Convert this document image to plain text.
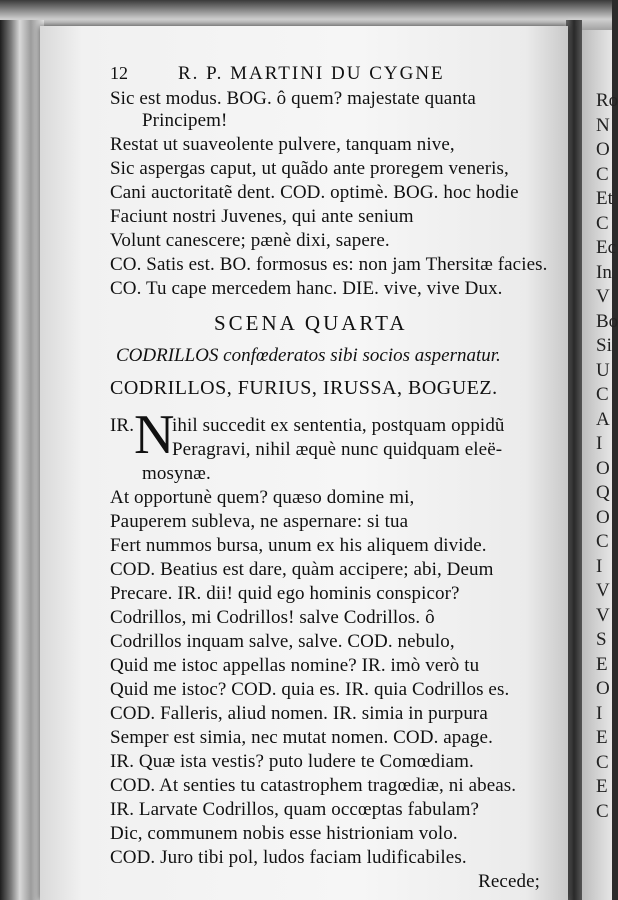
Ro
N
O
C
Et
C
Ec
In
V
Bo
Si
U
C
A
I
O
Q
O
C
I
V
V
S
E
O
I
E
C
E
C
12	R. P. MARTINI DU CYGNE
Sic est modus. BOG. ô quem? majestate quanta
Principem!
Restat ut suaveolente pulvere, tanquam nive,
Sic aspergas caput, ut quãdo ante proregem veneris,
Cani auctoritatẽ dent. COD. optimè. BOG. hoc hodie
Faciunt nostri Juvenes, qui ante senium
Volunt canescere; pænè dixi, sapere.
CO. Satis est. BO. formosus es: non jam Thersitæ facies.
CO. Tu cape mercedem hanc. DIE. vive, vive Dux.
SCENA QUARTA
CODRILLOS confœderatos sibi socios aspernatur.
CODRILLOS, FURIUS, IRUSSA, BOGUEZ.
IR. N
ihil succedit ex sententia, postquam oppidũ
Peragravi, nihil æquè nunc quidquam eleë-
mosynæ.
At opportunè quem? quæso domine mi,
Pauperem subleva, ne aspernare: si tua
Fert nummos bursa, unum ex his aliquem divide.
COD. Beatius est dare, quàm accipere; abi, Deum
Precare. IR. dii! quid ego hominis conspicor?
Codrillos, mi Codrillos! salve Codrillos. ô
Codrillos inquam salve, salve. COD. nebulo,
Quid me istoc appellas nomine? IR. imò verò tu
Quid me istoc? COD. quia es. IR. quia Codrillos es.
COD. Falleris, aliud nomen. IR. simia in purpura
Semper est simia, nec mutat nomen. COD. apage.
IR. Quæ ista vestis? puto ludere te Comœdiam.
COD. At senties tu catastrophem tragœdiæ, ni abeas.
IR. Larvate Codrillos, quam occœptas fabulam?
Dic, communem nobis esse histrioniam volo.
COD. Juro tibi pol, ludos faciam ludificabiles.
Recede;
